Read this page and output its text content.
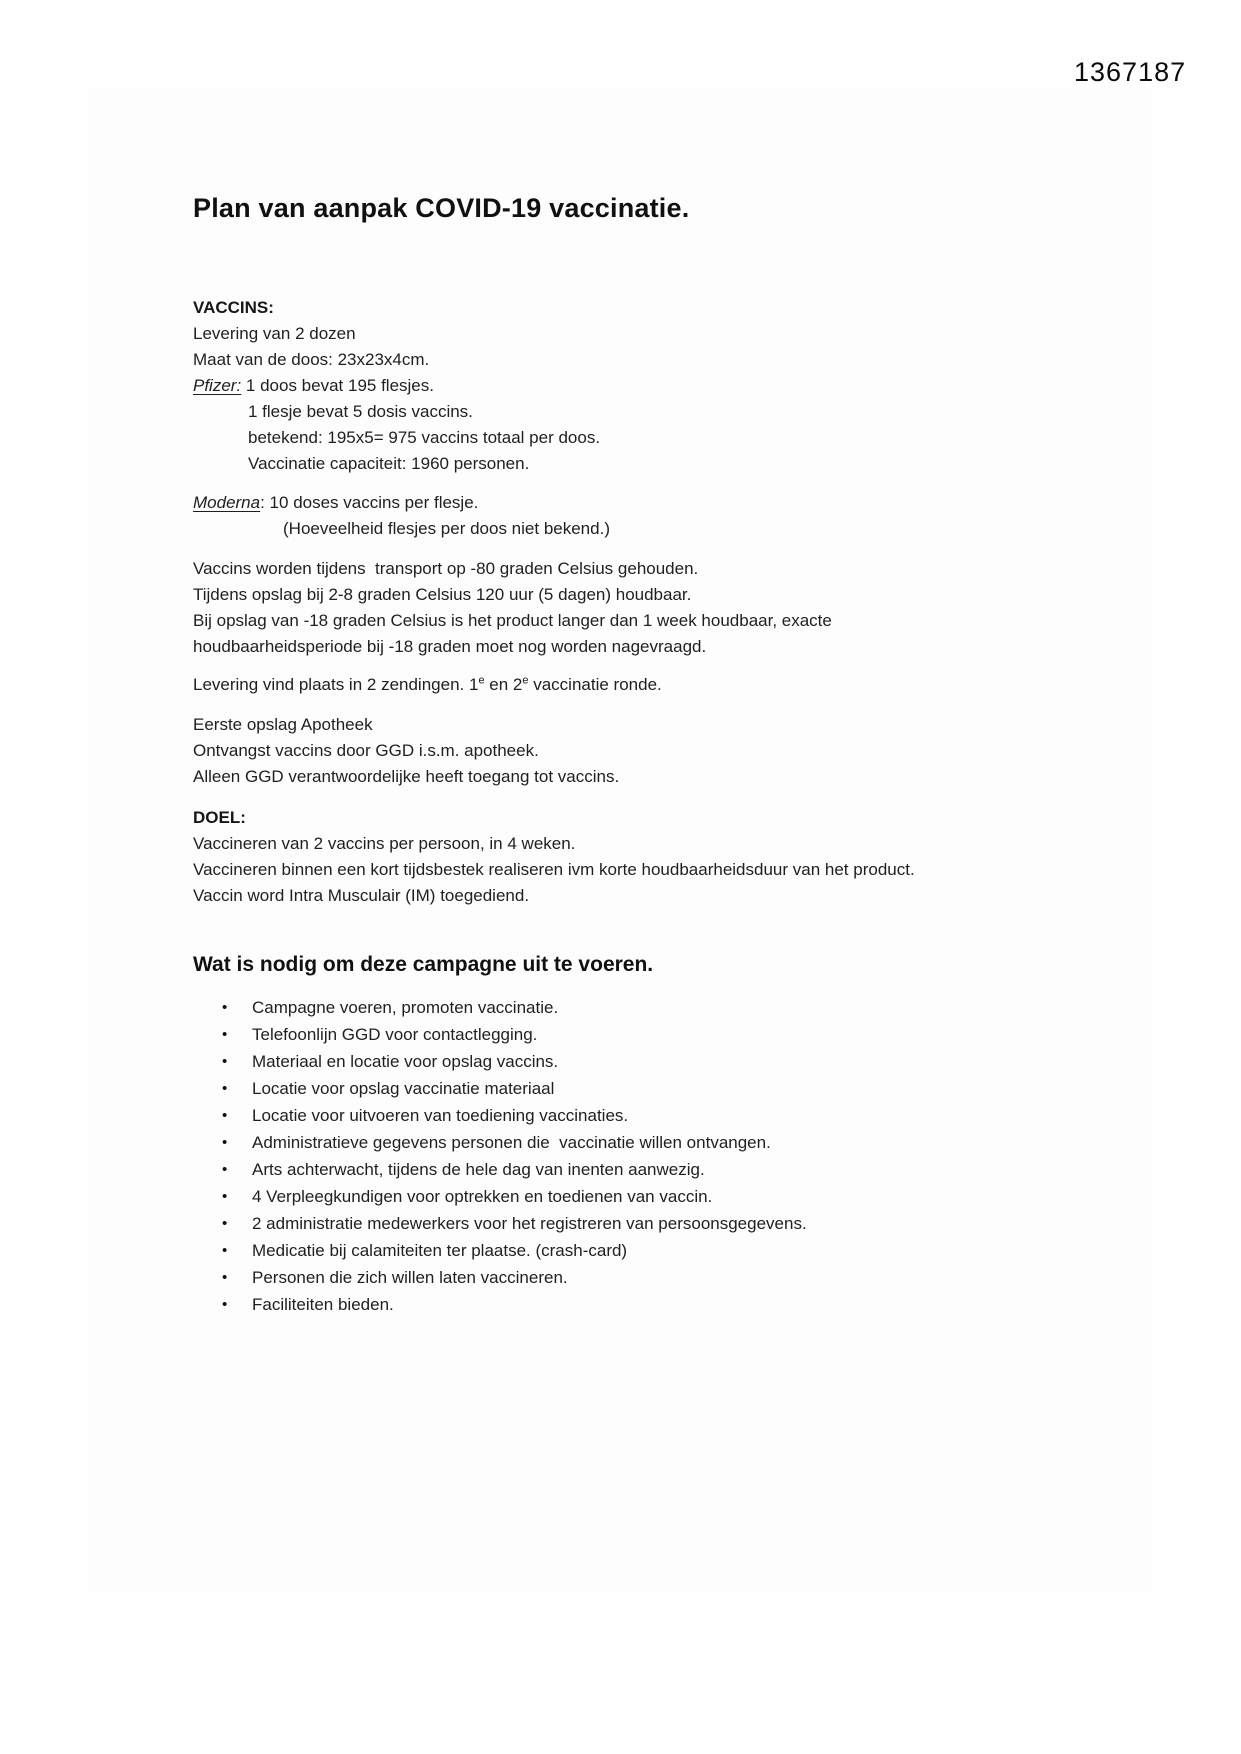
1367187
Plan van aanpak COVID-19 vaccinatie.
VACCINS:
Levering van 2 dozen
Maat van de doos: 23x23x4cm.
Pfizer: 1 doos bevat 195 flesjes.
1 flesje bevat 5 dosis vaccins.
betekend: 195x5= 975 vaccins totaal per doos.
Vaccinatie capaciteit: 1960 personen.
Moderna: 10 doses vaccins per flesje.
(Hoeveelheid flesjes per doos niet bekend.)
Vaccins worden tijdens  transport op -80 graden Celsius gehouden.
Tijdens opslag bij 2-8 graden Celsius 120 uur (5 dagen) houdbaar.
Bij opslag van -18 graden Celsius is het product langer dan 1 week houdbaar, exacte
houdbaarheidsperiode bij -18 graden moet nog worden nagevraagd.
Levering vind plaats in 2 zendingen. 1e en 2e vaccinatie ronde.
Eerste opslag Apotheek
Ontvangst vaccins door GGD i.s.m. apotheek.
Alleen GGD verantwoordelijke heeft toegang tot vaccins.
DOEL:
Vaccineren van 2 vaccins per persoon, in 4 weken.
Vaccineren binnen een kort tijdsbestek realiseren ivm korte houdbaarheidsduur van het product.
Vaccin word Intra Musculair (IM) toegediend.
Wat is nodig om deze campagne uit te voeren.
• Campagne voeren, promoten vaccinatie.
• Telefoonlijn GGD voor contactlegging.
• Materiaal en locatie voor opslag vaccins.
• Locatie voor opslag vaccinatie materiaal
• Locatie voor uitvoeren van toediening vaccinaties.
• Administratieve gegevens personen die  vaccinatie willen ontvangen.
• Arts achterwacht, tijdens de hele dag van inenten aanwezig.
• 4 Verpleegkundigen voor optrekken en toedienen van vaccin.
• 2 administratie medewerkers voor het registreren van persoonsgegevens.
• Medicatie bij calamiteiten ter plaatse. (crash-card)
• Personen die zich willen laten vaccineren.
• Faciliteiten bieden.
